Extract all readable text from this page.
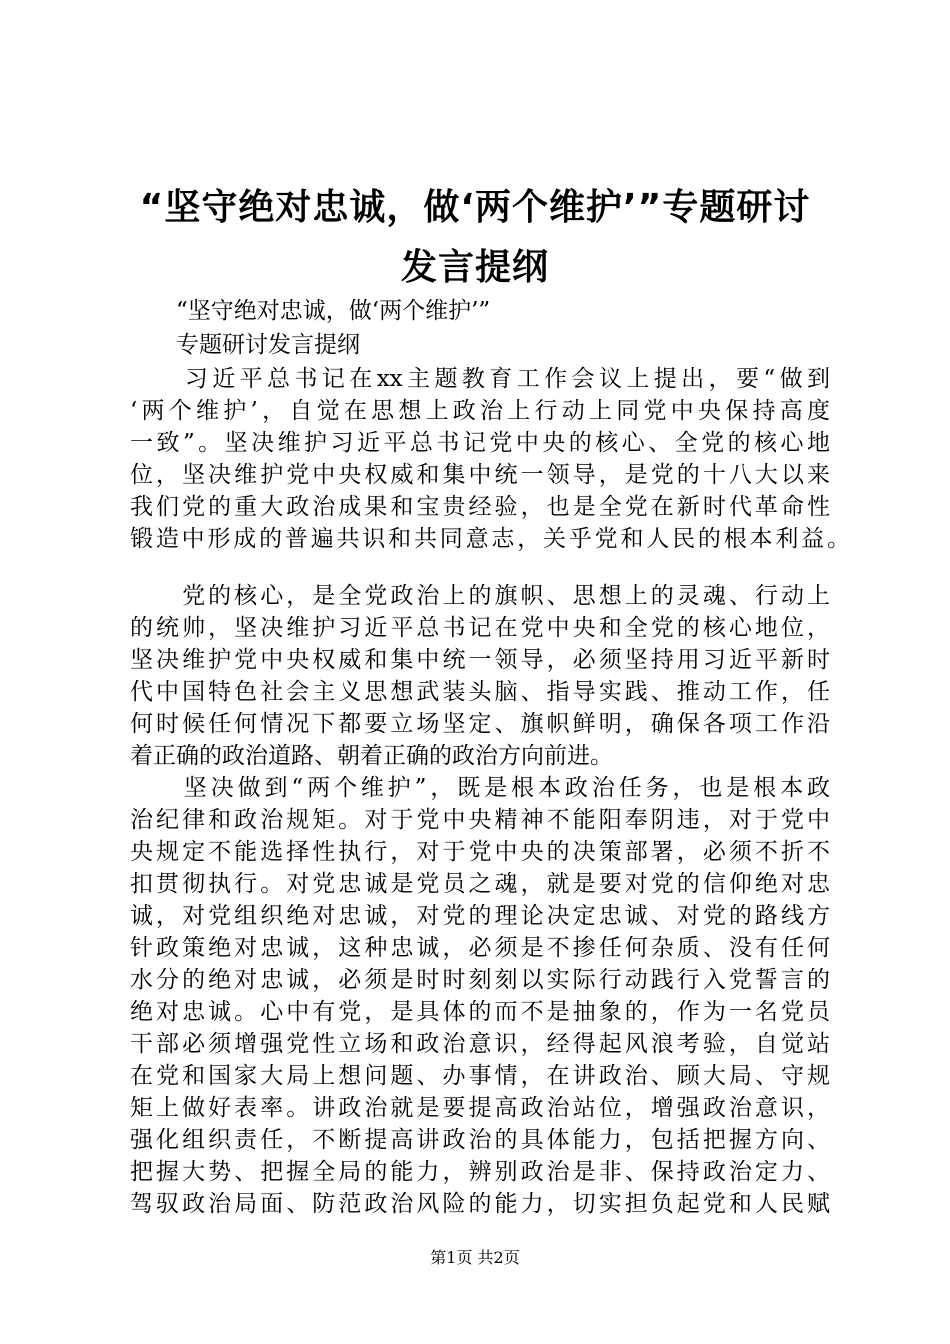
“坚守绝对忠诚，做‘两个维护’”专题研讨
发言提纲
　　“坚守绝对忠诚，做‘两个维护’”
　　专题研讨发言提纲
　　习近平总书记在xx主题教育工作会议上提出，要“做到
‘两个维护’，自觉在思想上政治上行动上同党中央保持高度
一致”。坚决维护习近平总书记党中央的核心、全党的核心地
位，坚决维护党中央权威和集中统一领导，是党的十八大以来
我们党的重大政治成果和宝贵经验，也是全党在新时代革命性
锻造中形成的普遍共识和共同意志，关乎党和人民的根本利益。
　　党的核心，是全党政治上的旗帜、思想上的灵魂、行动上
的统帅，坚决维护习近平总书记在党中央和全党的核心地位，
坚决维护党中央权威和集中统一领导，必须坚持用习近平新时
代中国特色社会主义思想武装头脑、指导实践、推动工作，任
何时候任何情况下都要立场坚定、旗帜鲜明，确保各项工作沿
着正确的政治道路、朝着正确的政治方向前进。
　　坚决做到“两个维护”，既是根本政治任务，也是根本政
治纪律和政治规矩。对于党中央精神不能阳奉阴违，对于党中
央规定不能选择性执行，对于党中央的决策部署，必须不折不
扣贯彻执行。对党忠诚是党员之魂，就是要对党的信仰绝对忠
诚，对党组织绝对忠诚，对党的理论决定忠诚、对党的路线方
针政策绝对忠诚，这种忠诚，必须是不掺任何杂质、没有任何
水分的绝对忠诚，必须是时时刻刻以实际行动践行入党誓言的
绝对忠诚。心中有党，是具体的而不是抽象的，作为一名党员
干部必须增强党性立场和政治意识，经得起风浪考验，自觉站
在党和国家大局上想问题、办事情，在讲政治、顾大局、守规
矩上做好表率。讲政治就是要提高政治站位，增强政治意识，
强化组织责任，不断提高讲政治的具体能力，包括把握方向、
把握大势、把握全局的能力，辨别政治是非、保持政治定力、
驾驭政治局面、防范政治风险的能力，切实担负起党和人民赋
第1页 共2页
